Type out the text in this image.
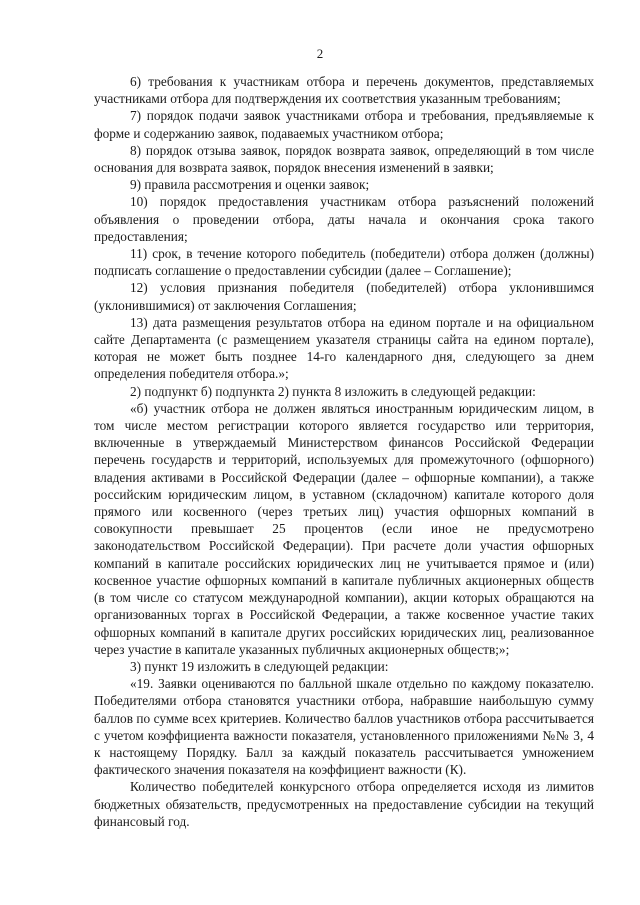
2

6) требования к участникам отбора и перечень документов, представляемых участниками отбора для подтверждения их соответствия указанным требованиям;

7) порядок подачи заявок участниками отбора и требования, предъявляемые к форме и содержанию заявок, подаваемых участником отбора;

8) порядок отзыва заявок, порядок возврата заявок, определяющий в том числе основания для возврата заявок, порядок внесения изменений в заявки;

9) правила рассмотрения и оценки заявок;

10) порядок предоставления участникам отбора разъяснений положений объявления о проведении отбора, даты начала и окончания срока такого предоставления;

11) срок, в течение которого победитель (победители) отбора должен (должны) подписать соглашение о предоставлении субсидии (далее – Соглашение);

12) условия признания победителя (победителей) отбора уклонившимся (уклонившимися) от заключения Соглашения;

13) дата размещения результатов отбора на едином портале и на официальном сайте Департамента (с размещением указателя страницы сайта на едином портале), которая не может быть позднее 14-го календарного дня, следующего за днем определения победителя отбора.»;

2) подпункт б) подпункта 2) пункта 8 изложить в следующей редакции:

«б) участник отбора не должен являться иностранным юридическим лицом, в том числе местом регистрации которого является государство или территория, включенные в утверждаемый Министерством финансов Российской Федерации перечень государств и территорий, используемых для промежуточного (офшорного) владения активами в Российской Федерации (далее – офшорные компании), а также российским юридическим лицом, в уставном (складочном) капитале которого доля прямого или косвенного (через третьих лиц) участия офшорных компаний в совокупности превышает 25 процентов (если иное не предусмотрено законодательством Российской Федерации). При расчете доли участия офшорных компаний в капитале российских юридических лиц не учитывается прямое и (или) косвенное участие офшорных компаний в капитале публичных акционерных обществ (в том числе со статусом международной компании), акции которых обращаются на организованных торгах в Российской Федерации, а также косвенное участие таких офшорных компаний в капитале других российских юридических лиц, реализованное через участие в капитале указанных публичных акционерных обществ;»;

3) пункт 19 изложить в следующей редакции:

«19. Заявки оцениваются по балльной шкале отдельно по каждому показателю. Победителями отбора становятся участники отбора, набравшие наибольшую сумму баллов по сумме всех критериев. Количество баллов участников отбора рассчитывается с учетом коэффициента важности показателя, установленного приложениями №№ 3, 4 к настоящему Порядку. Балл за каждый показатель рассчитывается умножением фактического значения показателя на коэффициент важности (К).

Количество победителей конкурсного отбора определяется исходя из лимитов бюджетных обязательств, предусмотренных на предоставление субсидии на текущий финансовый год.
